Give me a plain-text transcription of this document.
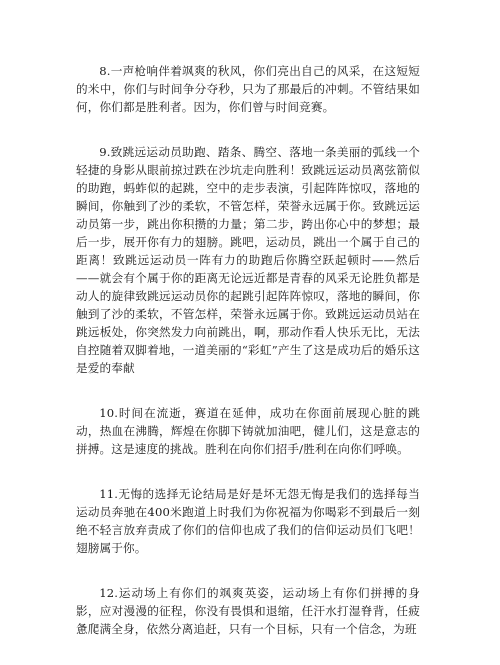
8.一声枪响伴着飒爽的秋风，你们亮出自己的风采，在这短短的米中，你们与时间争分夺秒，只为了那最后的冲刺。不管结果如何，你们都是胜利者。因为，你们曾与时间竞赛。

9.致跳远运动员助跑、踏条、腾空、落地一条美丽的弧线一个轻捷的身影从眼前掠过跌在沙坑走向胜利！致跳远运动员离弦箭似的助跑，蚂蚱似的起跳，空中的走步表演，引起阵阵惊叹，落地的瞬间，你触到了沙的柔软，不管怎样，荣誉永远属于你。致跳远运动员第一步，跳出你积攒的力量；第二步，跨出你心中的梦想；最后一步，展开你有力的翅膀。跳吧，运动员，跳出一个属于自己的距离！致跳远运动员一阵有力的助跑后你腾空跃起顿时——然后——就会有个属于你的距离无论远近都是青春的风采无论胜负都是动人的旋律致跳远运动员你的起跳引起阵阵惊叹，落地的瞬间，你触到了沙的柔软，不管怎样，荣誉永远属于你。致跳远运动员站在跳远板处，你突然发力向前跳出，啊，那动作看人快乐无比，无法自控随着双脚着地，一道美丽的“彩虹”产生了这是成功后的婚乐这是爱的奉献

10.时间在流逝，赛道在延伸，成功在你面前展现心脏的跳动，热血在沸腾，辉煌在你脚下铸就加油吧，健儿们，这是意志的拼搏。这是速度的挑战。胜利在向你们招手/胜利在向你们呼唤。

11.无悔的选择无论结局是好是坏无怨无悔是我们的选择每当运动员奔驰在400米跑道上时我们为你祝福为你喝彩不到最后一刻绝不轻言放弃责成了你们的信仰也成了我们的信仰运动员们飞吧！翅膀属于你。

12.运动场上有你们的飒爽英姿，运动场上有你们拼搏的身影，应对漫漫的征程，你没有畏惧和退缩，任汗水打湿脊背，任疲惫爬满全身，依然分离追赶，只有一个目标，只有一个信念，为班
